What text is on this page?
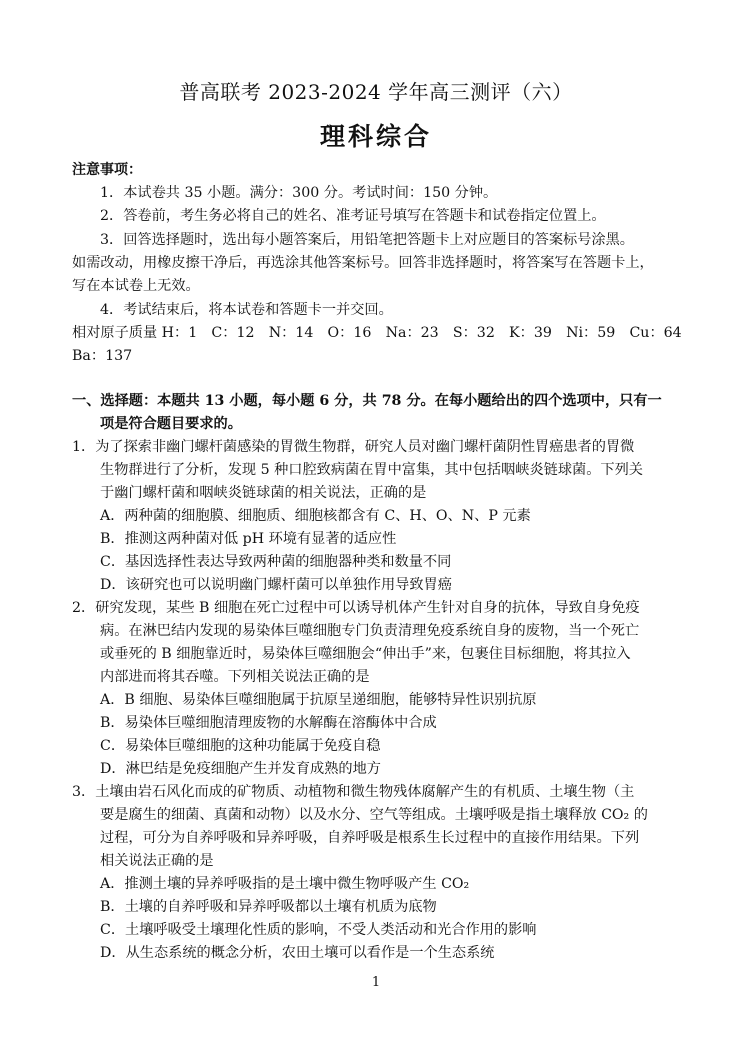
普高联考 2023-2024 学年高三测评（六）
理科综合
注意事项：
1．本试卷共 35 小题。满分：300 分。考试时间：150 分钟。
2．答卷前，考生务必将自己的姓名、准考证号填写在答题卡和试卷指定位置上。
3．回答选择题时，选出每小题答案后，用铅笔把答题卡上对应题目的答案标号涂黑。
如需改动，用橡皮擦干净后，再选涂其他答案标号。回答非选择题时，将答案写在答题卡上，
写在本试卷上无效。
4．考试结束后，将本试卷和答题卡一并交回。
相对原子质量 H：1　C：12　N：14　O：16　Na：23　S：32　K：39　Ni：59　Cu：64
Ba：137
一、选择题：本题共 13 小题，每小题 6 分，共 78 分。在每小题给出的四个选项中，只有一
项是符合题目要求的。
1．为了探索非幽门螺杆菌感染的胃微生物群，研究人员对幽门螺杆菌阴性胃癌患者的胃微
生物群进行了分析，发现 5 种口腔致病菌在胃中富集，其中包括咽峡炎链球菌。下列关
于幽门螺杆菌和咽峡炎链球菌的相关说法，正确的是
A．两种菌的细胞膜、细胞质、细胞核都含有 C、H、O、N、P 元素
B．推测这两种菌对低 pH 环境有显著的适应性
C．基因选择性表达导致两种菌的细胞器种类和数量不同
D．该研究也可以说明幽门螺杆菌可以单独作用导致胃癌
2．研究发现，某些 B 细胞在死亡过程中可以诱导机体产生针对自身的抗体，导致自身免疫
病。在淋巴结内发现的易染体巨噬细胞专门负责清理免疫系统自身的废物，当一个死亡
或垂死的 B 细胞靠近时，易染体巨噬细胞会“伸出手”来，包裹住目标细胞，将其拉入
内部进而将其吞噬。下列相关说法正确的是
A．B 细胞、易染体巨噬细胞属于抗原呈递细胞，能够特异性识别抗原
B．易染体巨噬细胞清理废物的水解酶在溶酶体中合成
C．易染体巨噬细胞的这种功能属于免疫自稳
D．淋巴结是免疫细胞产生并发育成熟的地方
3．土壤由岩石风化而成的矿物质、动植物和微生物残体腐解产生的有机质、土壤生物（主
要是腐生的细菌、真菌和动物）以及水分、空气等组成。土壤呼吸是指土壤释放 CO₂ 的
过程，可分为自养呼吸和异养呼吸，自养呼吸是根系生长过程中的直接作用结果。下列
相关说法正确的是
A．推测土壤的异养呼吸指的是土壤中微生物呼吸产生 CO₂
B．土壤的自养呼吸和异养呼吸都以土壤有机质为底物
C．土壤呼吸受土壤理化性质的影响，不受人类活动和光合作用的影响
D．从生态系统的概念分析，农田土壤可以看作是一个生态系统
1
